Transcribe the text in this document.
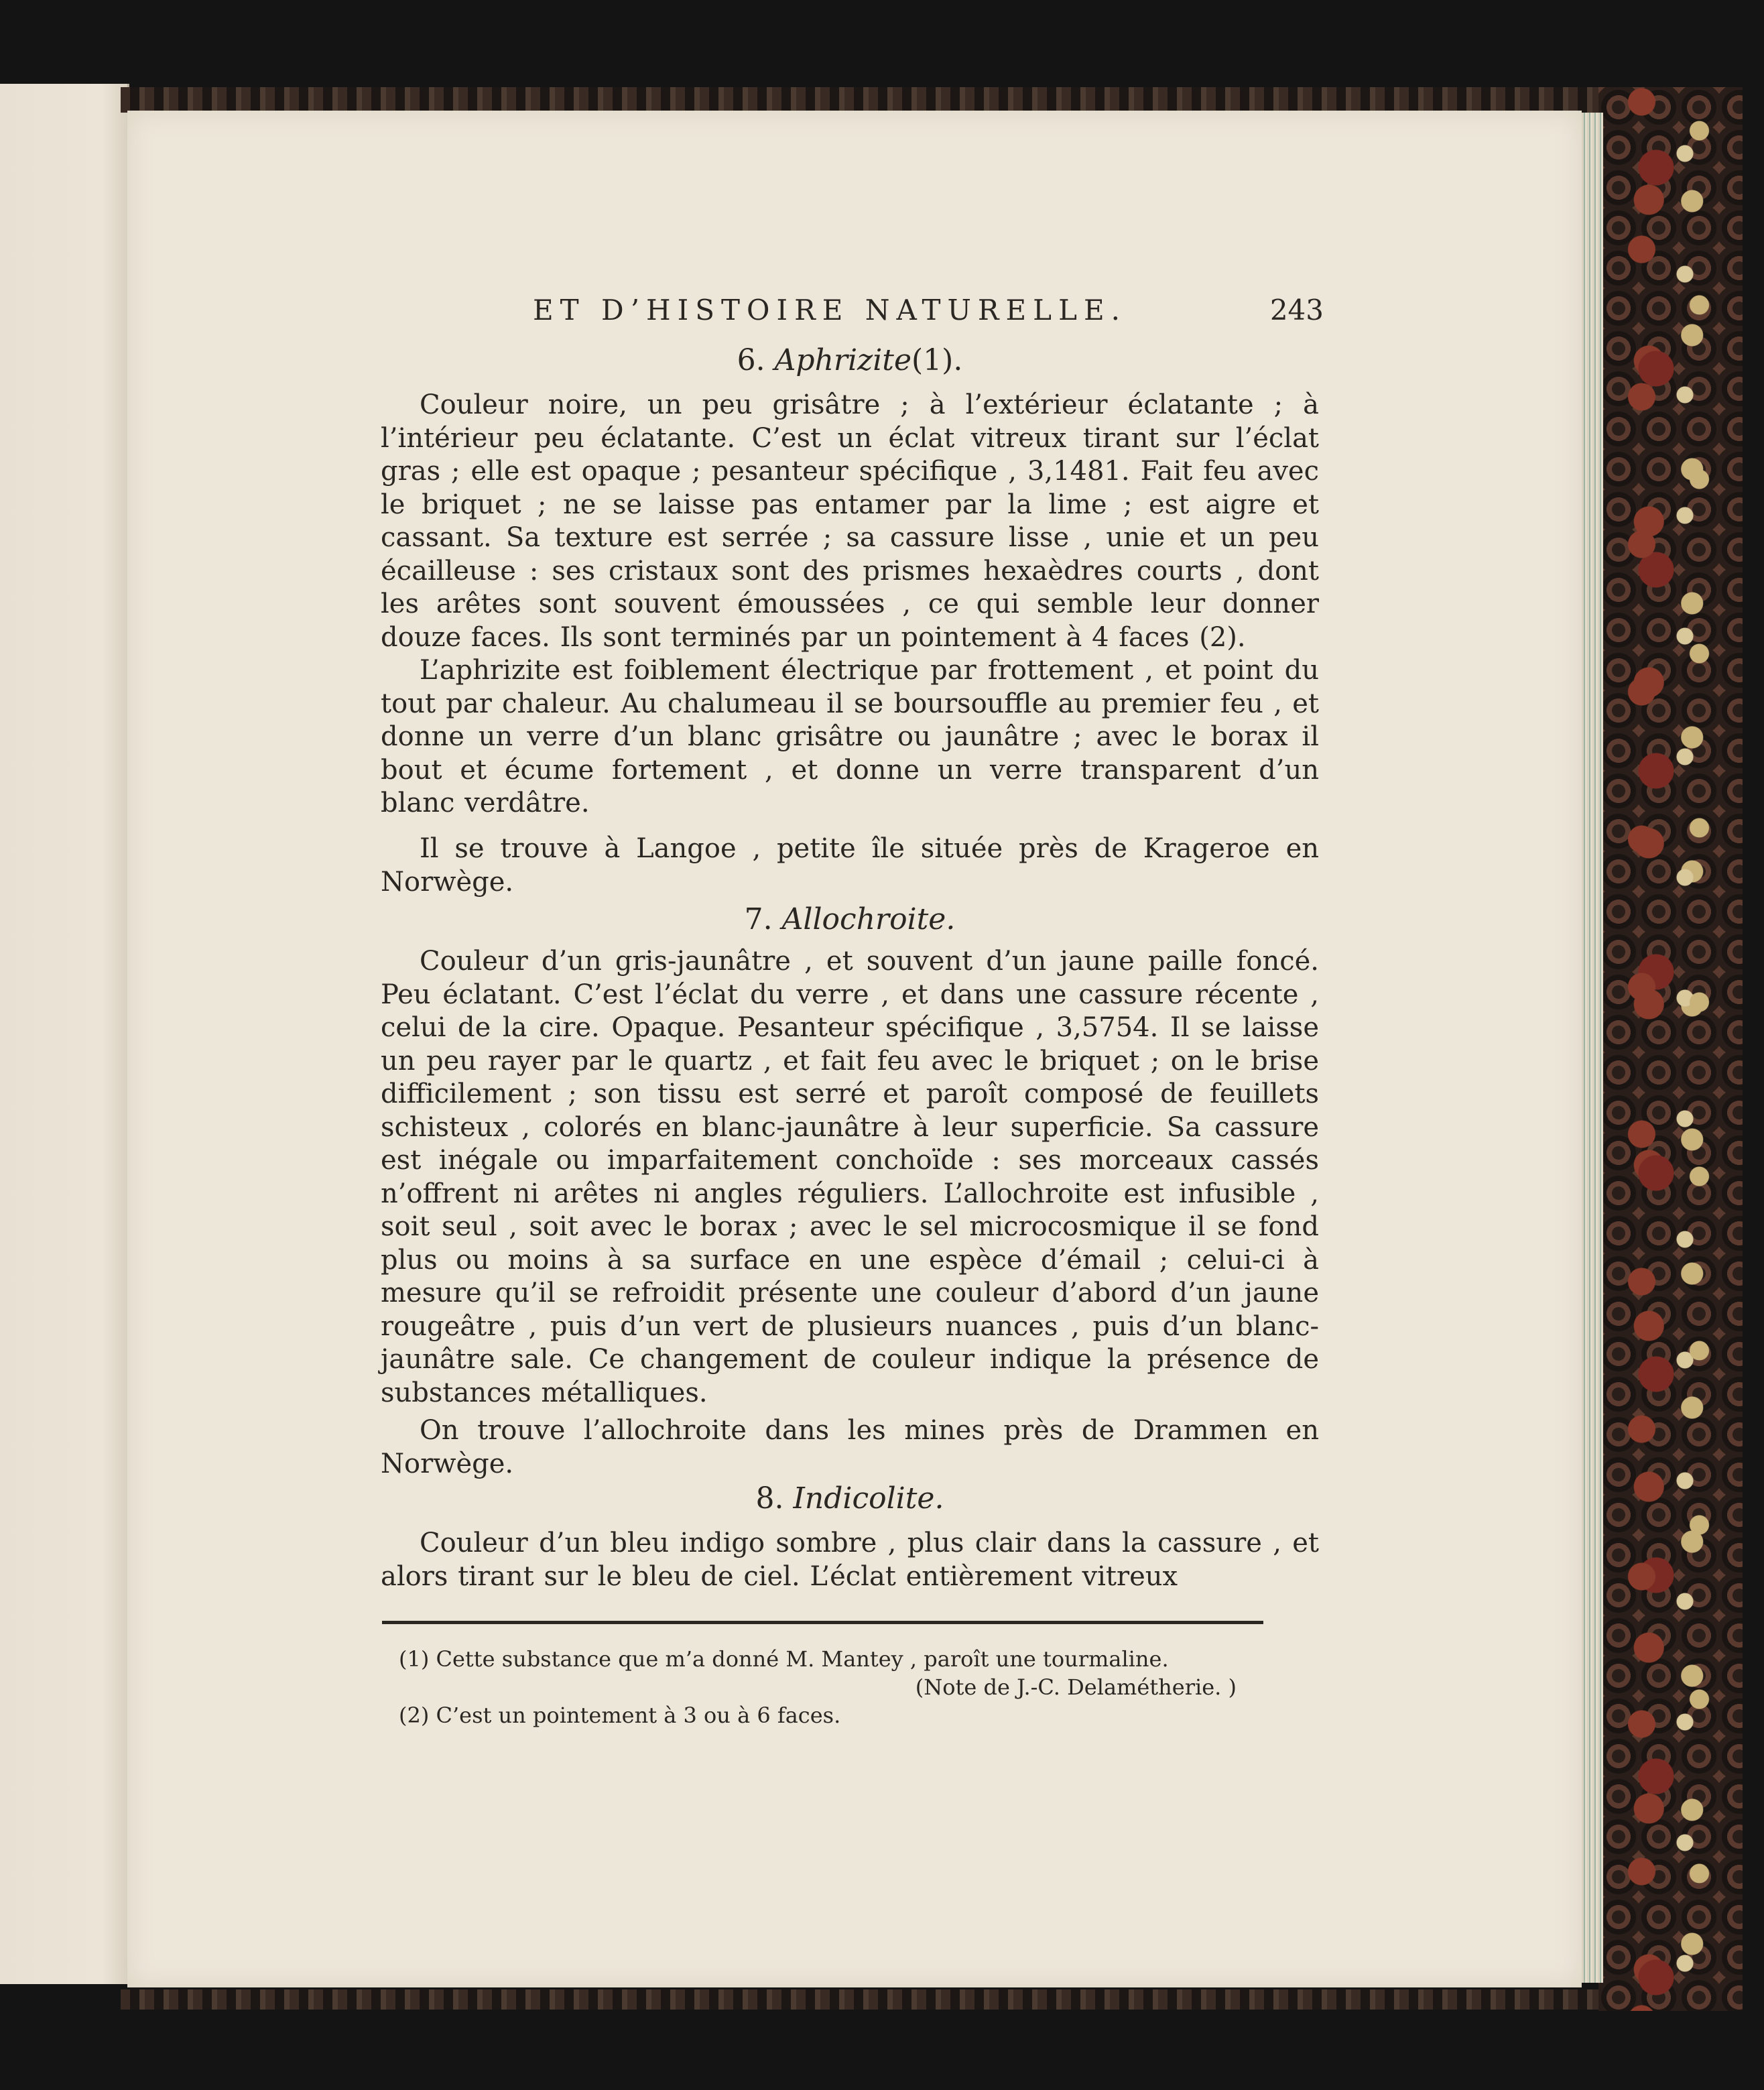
ET D’HISTOIRE NATURELLE.	243
6. Aphrizite(1).

Couleur noire, un peu grisâtre ; à l’extérieur éclatante ; à l’intérieur peu éclatante. C’est un éclat vitreux tirant sur l’éclat gras ; elle est opaque ; pesanteur spécifique , 3,1481. Fait feu avec le briquet ; ne se laisse pas entamer par la lime ; est aigre et cassant. Sa texture est serrée ; sa cassure lisse , unie et un peu écailleuse : ses cristaux sont des prismes hexaèdres courts , dont les arêtes sont souvent émoussées , ce qui semble leur donner douze faces. Ils sont terminés par un pointement à 4 faces (2).

L’aphrizite est foiblement électrique par frottement , et point du tout par chaleur. Au chalumeau il se boursouffle au premier feu , et donne un verre d’un blanc grisâtre ou jaunâtre ; avec le borax il bout et écume fortement , et donne un verre transparent d’un blanc verdâtre.

Il se trouve à Langoe , petite île située près de Krageroe en Norwège.

7. Allochroite.

Couleur d’un gris-jaunâtre , et souvent d’un jaune paille foncé. Peu éclatant. C’est l’éclat du verre , et dans une cassure récente , celui de la cire. Opaque. Pesanteur spécifique , 3,5754. Il se laisse un peu rayer par le quartz , et fait feu avec le briquet ; on le brise difficilement ; son tissu est serré et paroît composé de feuillets schisteux , colorés en blanc-jaunâtre à leur superficie. Sa cassure est inégale ou imparfaitement conchoïde : ses morceaux cassés n’offrent ni arêtes ni angles réguliers. L’allochroite est infusible , soit seul , soit avec le borax ; avec le sel microcosmique il se fond plus ou moins à sa surface en une espèce d’émail ; celui-ci à mesure qu’il se refroidit présente une couleur d’abord d’un jaune rougeâtre , puis d’un vert de plusieurs nuances , puis d’un blanc-jaunâtre sale. Ce changement de couleur indique la présence de substances métalliques.

On trouve l’allochroite dans les mines près de Drammen en Norwège.

8. Indicolite.

Couleur d’un bleu indigo sombre , plus clair dans la cassure , et alors tirant sur le bleu de ciel. L’éclat entièrement vitreux

(1) Cette substance que m’a donné M. Mantey , paroît une tourmaline.
(Note de J.-C. Delamétherie. )
(2) C’est un pointement à 3 ou à 6 faces.
